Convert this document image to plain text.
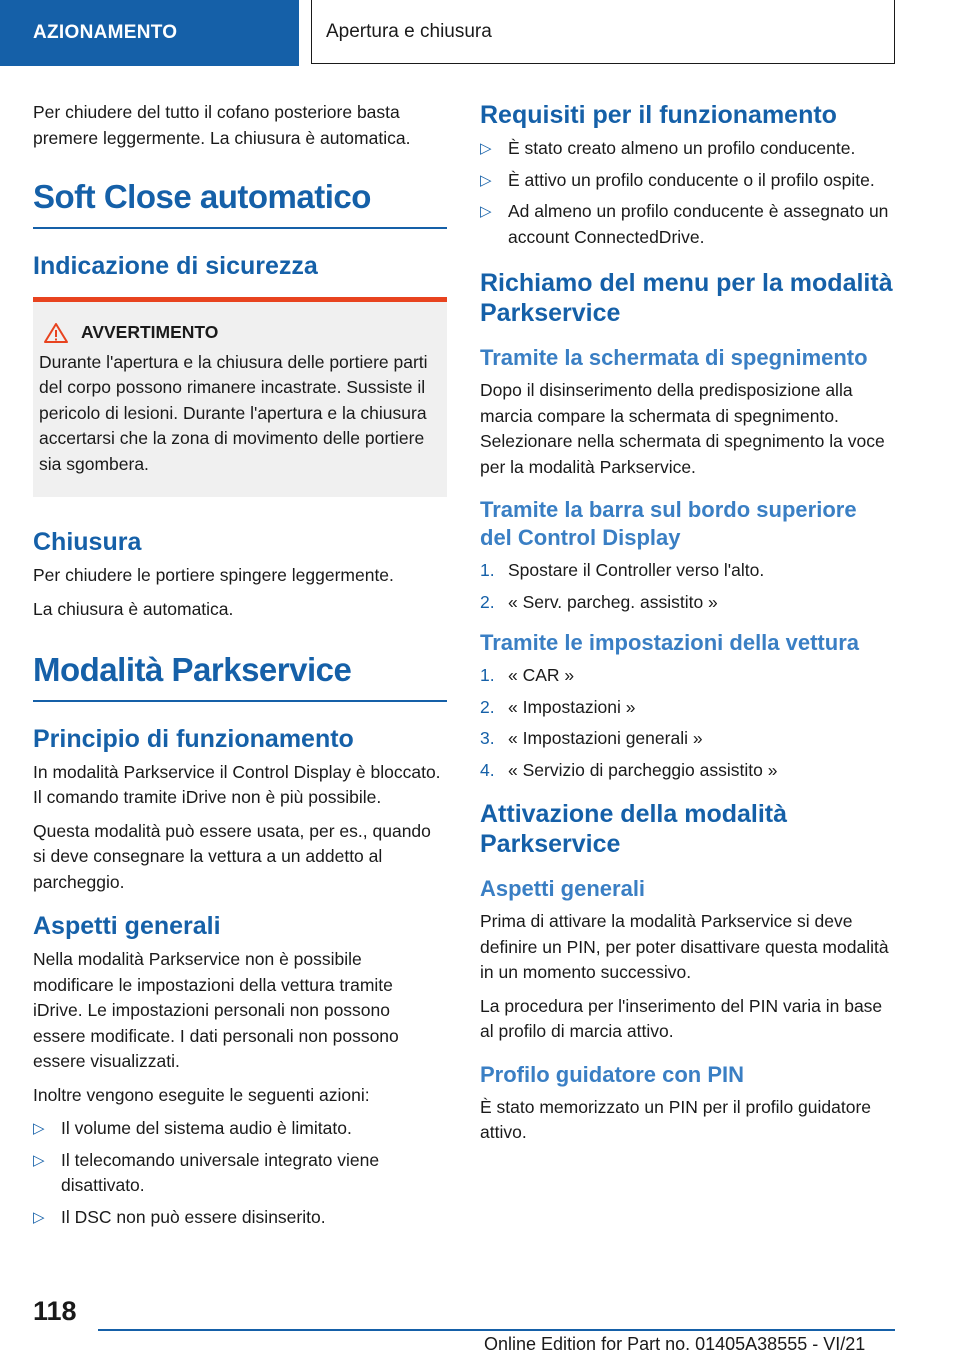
AZIONAMENTO	Apertura e chiusura

Per chiudere del tutto il cofano posteriore basta premere leggermente. La chiusura è automatica.

Soft Close automatico
Indicazione di sicurezza
AVVERTIMENTO

Durante l'apertura e la chiusura delle portiere parti del corpo possono rimanere incastrate. Sussiste il pericolo di lesioni. Durante l'apertura e la chiusura accertarsi che la zona di movimento delle portiere sia sgombera.

Chiusura

Per chiudere le portiere spingere leggermente.

La chiusura è automatica.

Modalità Parkservice
Principio di funzionamento

In modalità Parkservice il Control Display è bloccato. Il comando tramite iDrive non è più possibile.

Questa modalità può essere usata, per es., quando si deve consegnare la vettura a un addetto al parcheggio.

Aspetti generali

Nella modalità Parkservice non è possibile modificare le impostazioni della vettura tramite iDrive. Le impostazioni personali non possono essere modificate. I dati personali non possono essere visualizzati.

Inoltre vengono eseguite le seguenti azioni:

▷ Il volume del sistema audio è limitato.
▷ Il telecomando universale integrato viene disattivato.
▷ Il DSC non può essere disinserito.
Requisiti per il funzionamento
▷ È stato creato almeno un profilo conducente.
▷ È attivo un profilo conducente o il profilo ospite.
▷ Ad almeno un profilo conducente è assegnato un account ConnectedDrive.
Richiamo del menu per la modalità Parkservice
Tramite la schermata di spegnimento

Dopo il disinserimento della predisposizione alla marcia compare la schermata di spegnimento. Selezionare nella schermata di spegnimento la voce per la modalità Parkservice.

Tramite la barra sul bordo superiore del Control Display
1. Spostare il Controller verso l'alto.
2. « Serv. parcheg. assistito »
Tramite le impostazioni della vettura
1. « CAR »
2. « Impostazioni »
3. « Impostazioni generali »
4. « Servizio di parcheggio assistito »
Attivazione della modalità Parkservice
Aspetti generali

Prima di attivare la modalità Parkservice si deve definire un PIN, per poter disattivare questa modalità in un momento successivo.

La procedura per l'inserimento del PIN varia in base al profilo di marcia attivo.

Profilo guidatore con PIN

È stato memorizzato un PIN per il profilo guidatore attivo.

118
Online Edition for Part no. 01405A38555 - VI/21
